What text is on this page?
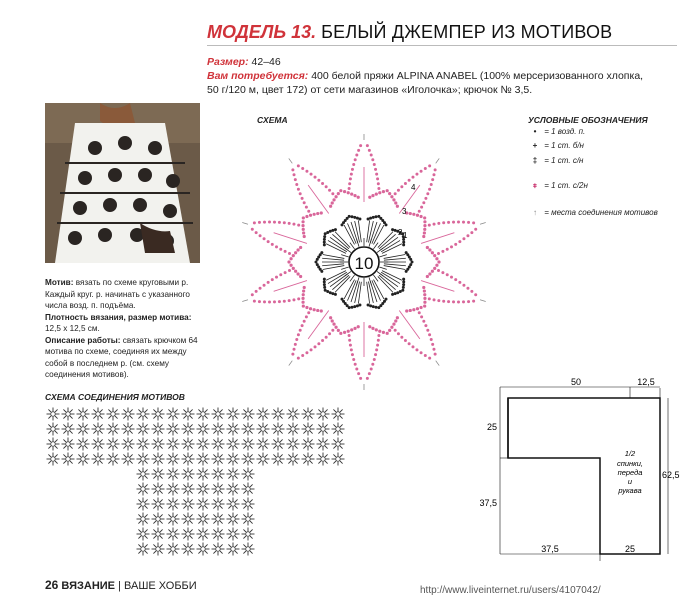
МОДЕЛЬ 13. БЕЛЫЙ ДЖЕМПЕР ИЗ МОТИВОВ
Размер: 42–46
Вам потребуется: 400 белой пряжи ALPINA ANABEL (100% мерсеризованного хлопка,
50 г/120 м, цвет 172) от сети магазинов «Иголочка»; крючок № 3,5.
Мотив: вязать по схеме круговыми р. Каждый круг. р. начинать с указанного числа возд. п. подъёма.
Плотность вязания, размер мотива: 12,5 x 12,5 см.
Описание работы: связать крючком 64 мотива по схеме, соединяя их между собой в последнем р. (см. схему соединения мотивов).
СХЕМА
10
1
2
3
4
УСЛОВНЫЕ ОБОЗНАЧЕНИЯ
• = 1 возд. п.
+ = 1 ст. б/н
‡ = 1 ст. с/н
⧧ = 1 ст. с/2н
↑ = места соединения мотивов
СХЕМА СОЕДИНЕНИЯ МОТИВОВ
50	12,5
25
37,5
62,5
37,5	25
1/2
спинки,
переда
и
рукава
26 ВЯЗАНИЕ | ВАШЕ ХОББИ	http://www.liveinternet.ru/users/4107042/
